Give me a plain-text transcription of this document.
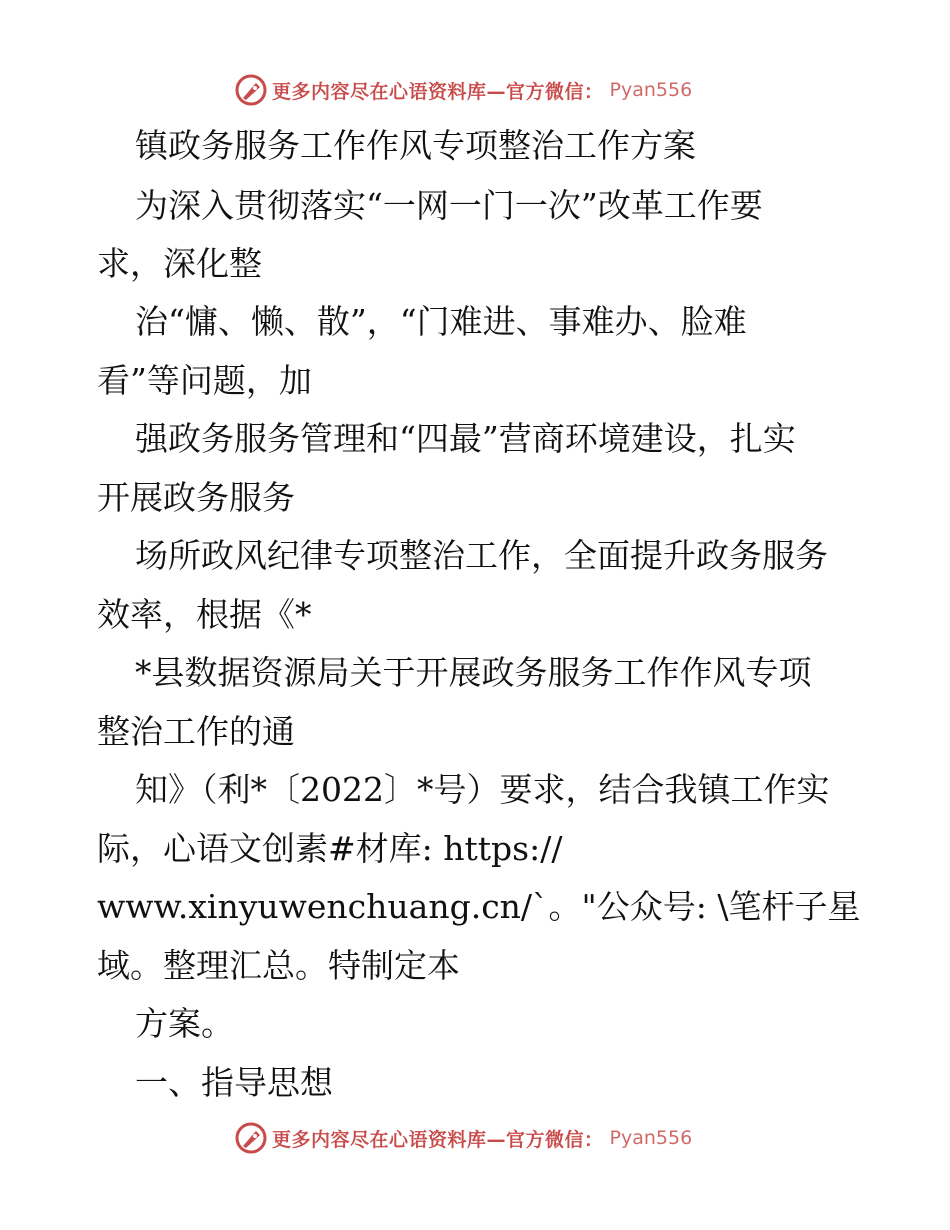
更多内容尽在心语资料库—官方微信： Pyan556
镇政务服务工作作风专项整治工作方案
为深入贯彻落实“一网一门一次”改革工作要
求，深化整
治“慵、懒、散”，“门难进、事难办、脸难
看”等问题，加
强政务服务管理和“四最”营商环境建设，扎实
开展政务服务
场所政风纪律专项整治工作，全面提升政务服务
效率，根据《*
*县数据资源局关于开展政务服务工作作风专项
整治工作的通
知》（利*〔2022〕*号）要求，结合我镇工作实
际，心语文创素#材库: https://
www.xinyuwenchuang.cn/`。"公众号: \笔杆子星
域。整理汇总。特制定本
方案。
一、指导思想
更多内容尽在心语资料库—官方微信： Pyan556
